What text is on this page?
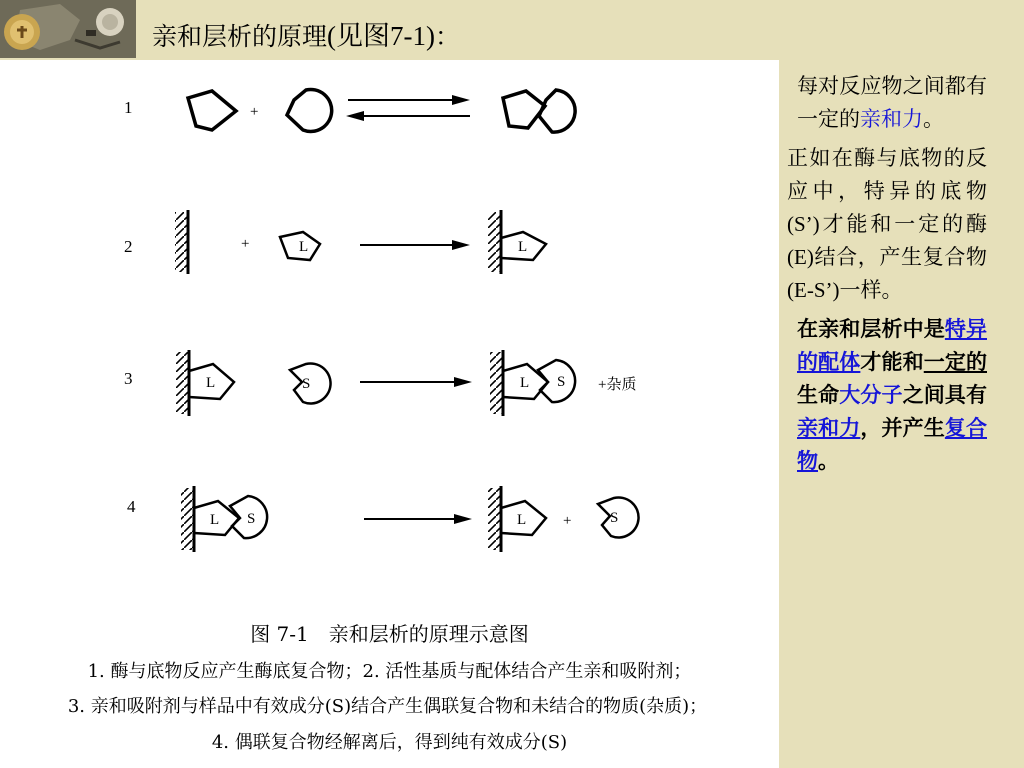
亲和层析的原理(见图7-1)：
1	+
2	+	L	L
3	L	S	L S +杂质
4
L S	L +	S
图 7-1　亲和层析的原理示意图
1. 酶与底物反应产生酶底复合物；2. 活性基质与配体结合产生亲和吸附剂；
3. 亲和吸附剂与样品中有效成分(S)结合产生偶联复合物和未结合的物质(杂质)；
4. 偶联复合物经解离后，得到纯有效成分(S)

每对反应物之间都有一定的亲和力。

正如在酶与底物的反应中，特异的底物(S’)才能和一定的酶(E)结合，产生复合物(E-S’)一样。

在亲和层析中是特异的配体才能和一定的生命大分子之间具有亲和力，并产生复合物。
